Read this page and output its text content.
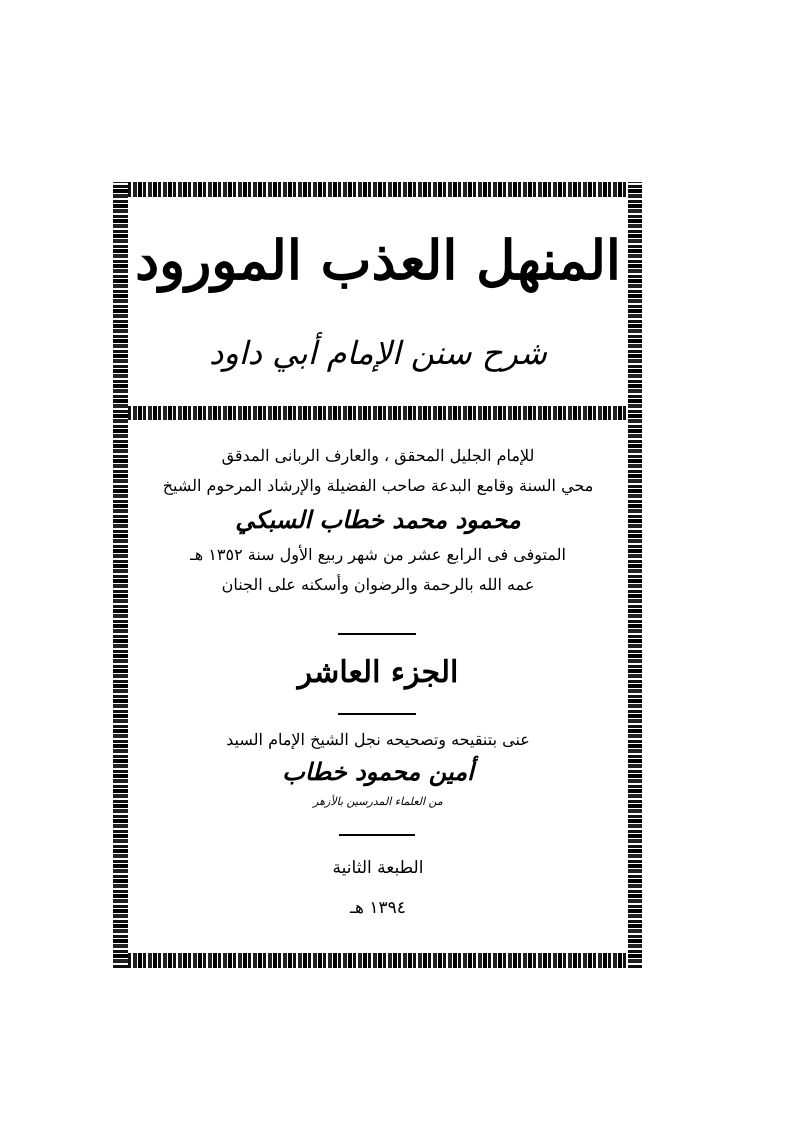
المنهل العذب المورود
شرح سنن الإمام أبي داود
للإمام الجليل المحقق ، والعارف الربانى المدقق
محي السنة وقامع البدعة صاحب الفضيلة والإرشاد المرحوم الشيخ
محمود محمد خطاب السبكي
المتوفى فى الرابع عشر من شهر ربيع الأول سنة ١٣٥٢ هـ
عمه الله بالرحمة والرضوان وأسكنه على الجنان
الجزء العاشر
عنى بتنقيحه وتصحيحه نجل الشيخ الإمام السيد
أمين محمود خطاب
من العلماء المدرسين بالأزهر
الطبعة الثانية
١٣٩٤ هـ
